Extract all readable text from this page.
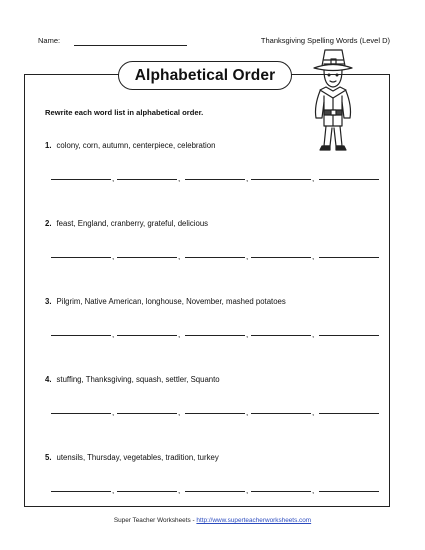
Name:	Thanksgiving Spelling Words (Level D)
Alphabetical Order
Rewrite each word list in alphabetical order.
1. colony, corn, autumn, centerpiece, celebration
,	,	,	,
2. feast, England, cranberry, grateful, delicious
,	,	,	,
3. Pilgrim, Native American, longhouse, November, mashed potatoes
,	,	,	,
4. stuffing, Thanksgiving, squash, settler, Squanto
,	,	,	,
5. utensils, Thursday, vegetables, tradition, turkey
,	,	,	,
Super Teacher Worksheets - http://www.superteacherworksheets.com
